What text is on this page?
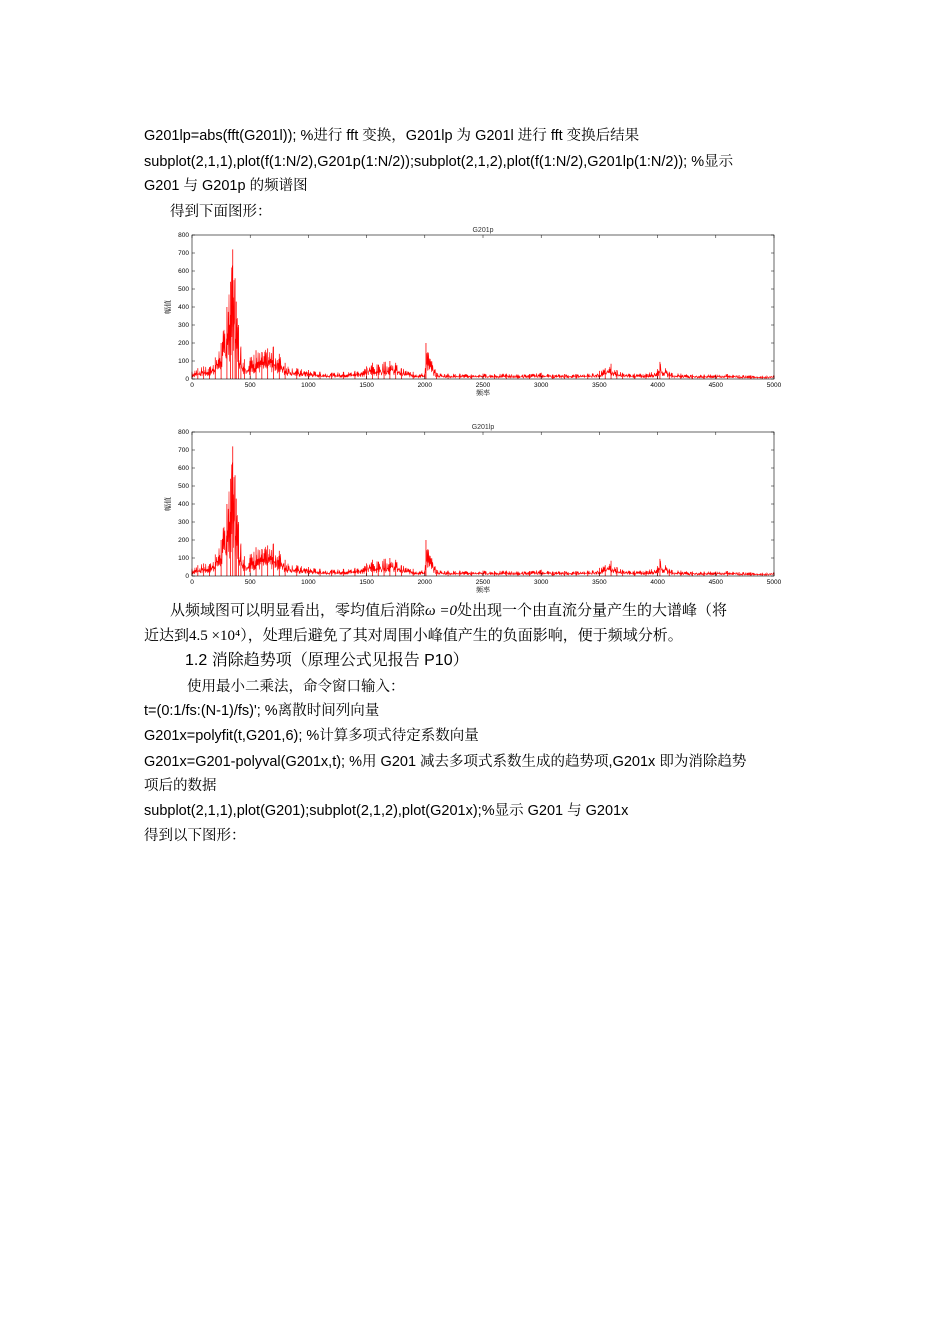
G201lp=abs(fft(G201l)); %进行 fft 变换，G201lp 为 G201l 进行 fft 变换后结果
subplot(2,1,1),plot(f(1:N/2),G201p(1:N/2));subplot(2,1,2),plot(f(1:N/2),G201lp(1:N/2)); %显示
G201 与 G201p 的频谱图
得到下面图形：
G201p
0	500	1000	1500	2000	2500	3000	3500	4000	4500	5000
0
100
200
300
400
500
600
700
800
频率
幅值
G201lp
0	500	1000	1500	2000	2500	3000	3500	4000	4500	5000
0
100
200
300
400
500
600
700
800
频率
幅值
从频域图可以明显看出，零均值后消除ω =0处出现一个由直流分量产生的大谱峰（将
近达到4.5 ×10⁴），处理后避免了其对周围小峰值产生的负面影响，便于频域分析。
1.2 消除趋势项（原理公式见报告 P10）
使用最小二乘法，命令窗口输入：
t=(0:1/fs:(N-1)/fs)'; %离散时间列向量
G201x=polyfit(t,G201,6); %计算多项式待定系数向量
G201x=G201-polyval(G201x,t); %用 G201 减去多项式系数生成的趋势项,G201x 即为消除趋势
项后的数据
subplot(2,1,1),plot(G201);subplot(2,1,2),plot(G201x);%显示 G201 与 G201x
得到以下图形：
